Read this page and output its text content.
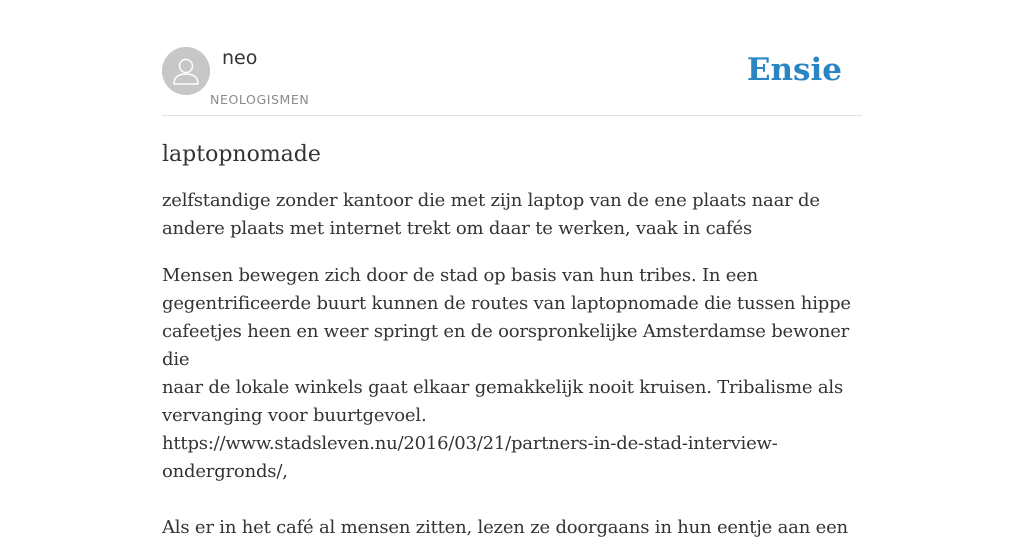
neo
NEOLOGISMEN
Ensie
laptopnomade

zelfstandige zonder kantoor die met zijn laptop van de ene plaats naar de andere plaats met internet trekt om daar te werken, vaak in cafés

Mensen bewegen zich door de stad op basis van hun tribes. In een
gegentrificeerde buurt kunnen de routes van laptopnomade die tussen hippe
cafeetjes heen en weer springt en de oorspronkelijke Amsterdamse bewoner die
naar de lokale winkels gaat elkaar gemakkelijk nooit kruisen. Tribalisme als
vervanging voor buurtgevoel.
https://www.stadsleven.nu/2016/03/21/partners-in-de-stad-interview-
ondergronds/,
Als er in het café al mensen zitten, lezen ze doorgaans in hun eentje aan een
